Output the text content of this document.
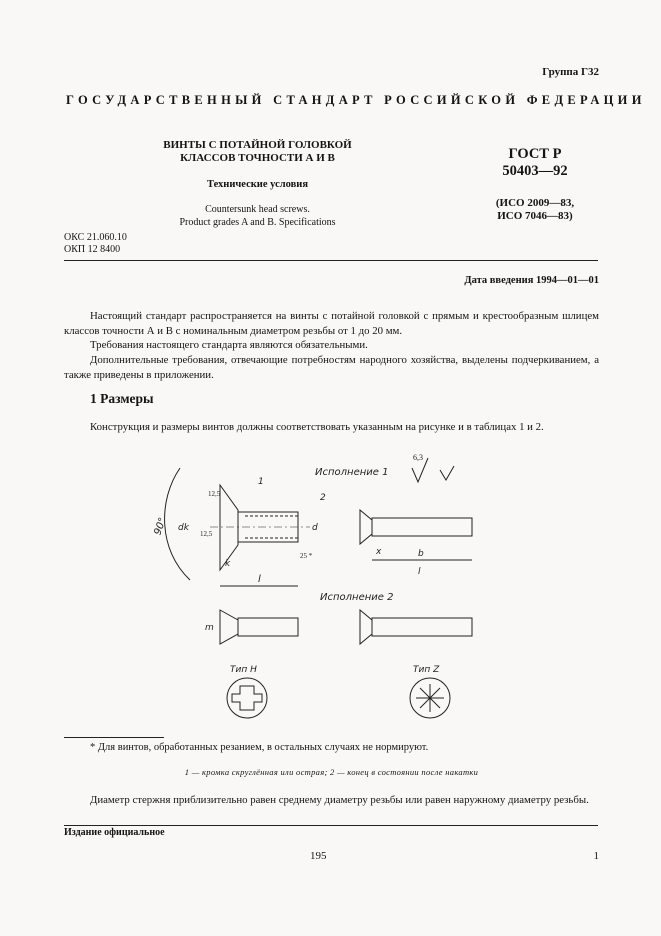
Группа Г32
ГОСУДАРСТВЕННЫЙ СТАНДАРТ РОССИЙСКОЙ ФЕДЕРАЦИИ
ВИНТЫ С ПОТАЙНОЙ ГОЛОВКОЙ
КЛАССОВ ТОЧНОСТИ А И В
Технические условия
Countersunk head screws.
Product grades A and B. Specifications
ГОСТ Р
50403—92
(ИСО 2009—83,
ИСО 7046—83)
ОКС 21.060.10
ОКП 12 8400
Дата введения 1994—01—01
Настоящий стандарт распространяется на винты с потайной головкой с прямым и крестообразным шлицем классов точности А и В с номинальным диаметром резьбы от 1 до 20 мм.
Требования настоящего стандарта являются обязательными.
Дополнительные требования, отвечающие потребностям народного хозяйства, выделены подчеркиванием, а также приведены в приложении.
1 Размеры
Конструкция и размеры винтов должны соответствовать указанным на рисунке и в таблицах 1 и 2.
90°
l
k
dk	d
12,5
12,5
1
2
25 *
Исполнение 1
6,3
b
x
l
Исполнение 2
m
Тип H	Тип Z
* Для винтов, обработанных резанием, в остальных случаях не нормируют.
1 — кромка скруглённая или острая; 2 — конец в состоянии после накатки
Диаметр стержня приблизительно равен среднему диаметру резьбы или равен наружному диаметру резьбы.
Издание официальное
195	1
